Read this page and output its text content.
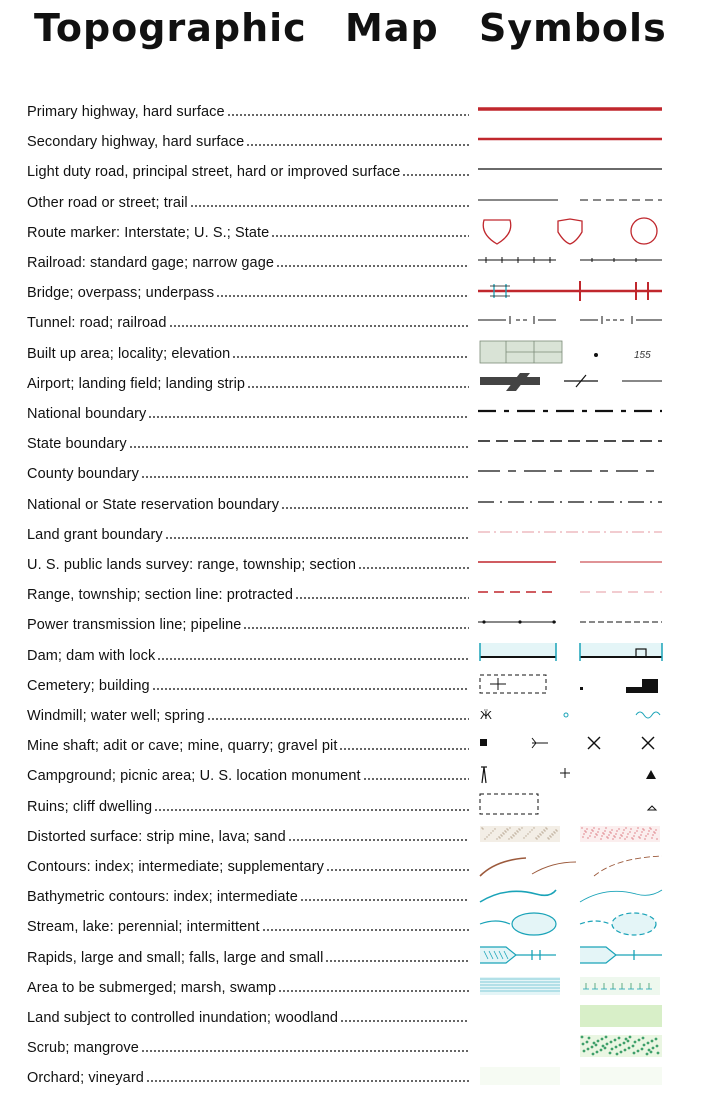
Topographic Map Symbols
Primary highway, hard surface
Secondary highway, hard surface
Light duty road, principal street, hard or improved surface
Other road or street; trail
Route marker: Interstate; U. S.; State
Railroad: standard gage; narrow gage
Bridge; overpass; underpass
Tunnel: road; railroad
Built up area; locality; elevation	155
Airport; landing field; landing strip
National boundary
State boundary
County boundary
National or State reservation boundary
Land grant boundary
U. S. public lands survey: range, township; section
Range, township; section line: protracted
Power transmission line; pipeline
Dam; dam with lock
Cemetery; building
Windmill; water well; spring	Ӝ
Mine shaft; adit or cave; mine, quarry; gravel pit
Campground; picnic area; U. S. location monument
Ruins; cliff dwelling
Distorted surface: strip mine, lava; sand
Contours: index; intermediate; supplementary
Bathymetric contours: index; intermediate
Stream, lake: perennial; intermittent
Rapids, large and small; falls, large and small
Area to be submerged; marsh, swamp
Land subject to controlled inundation; woodland
Scrub; mangrove
Orchard; vineyard
